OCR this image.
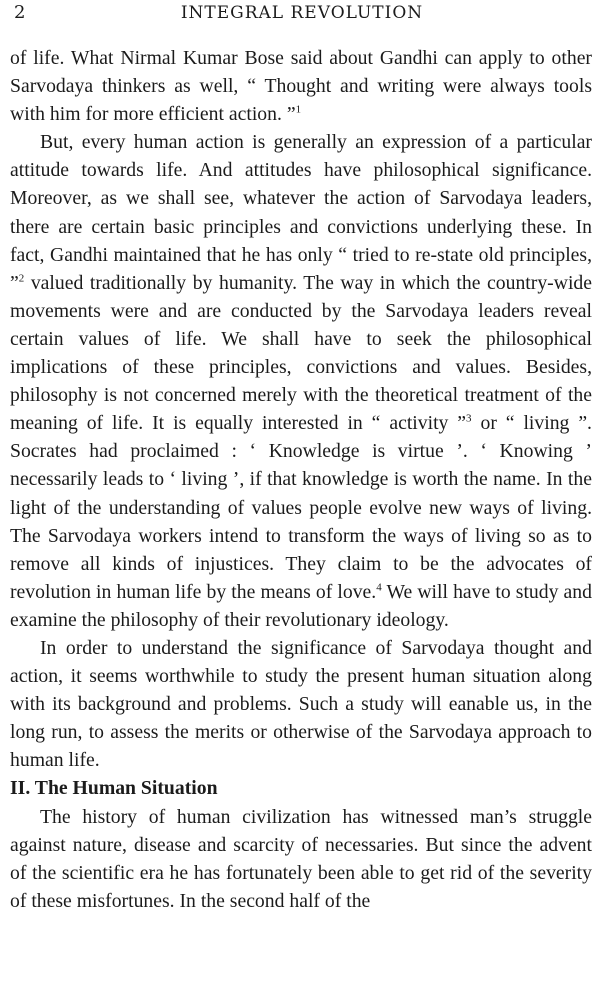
2	INTEGRAL REVOLUTION

of life. What Nirmal Kumar Bose said about Gandhi can apply to other Sarvodaya thinkers as well, “ Thought and writing were always tools with him for more efficient action. ”$^1$

But, every human action is generally an expression of a particular attitude towards life. And attitudes have philosophical significance. Moreover, as we shall see, whatever the action of Sarvodaya leaders, there are certain basic principles and convictions underlying these. In fact, Gandhi maintained that he has only “ tried to re-state old principles, ”$^2$ valued traditionally by humanity. The way in which the country-wide movements were and are conducted by the Sarvodaya leaders reveal certain values of life. We shall have to seek the philosophical implications of these principles, convictions and values. Besides, philosophy is not concerned merely with the theoretical treatment of the meaning of life. It is equally interested in “ activity ”$^3$ or “ living ”. Socrates had proclaimed : ‘ Knowledge is virtue ’. ‘ Knowing ’ necessarily leads to ‘ living ’, if that knowledge is worth the name. In the light of the understanding of values people evolve new ways of living. The Sarvodaya workers intend to transform the ways of living so as to remove all kinds of injustices. They claim to be the advocates of revolution in human life by the means of love.$^4$ We will have to study and examine the philosophy of their revolutionary ideology.

In order to understand the significance of Sarvodaya thought and action, it seems worthwhile to study the present human situation along with its background and problems. Such a study will eanable us, in the long run, to assess the merits or otherwise of the Sarvodaya approach to human life.

II. The Human Situation

The history of human civilization has witnessed man’s struggle against nature, disease and scarcity of necessaries. But since the advent of the scientific era he has fortunately been able to get rid of the severity of these misfortunes. In the second half of the
